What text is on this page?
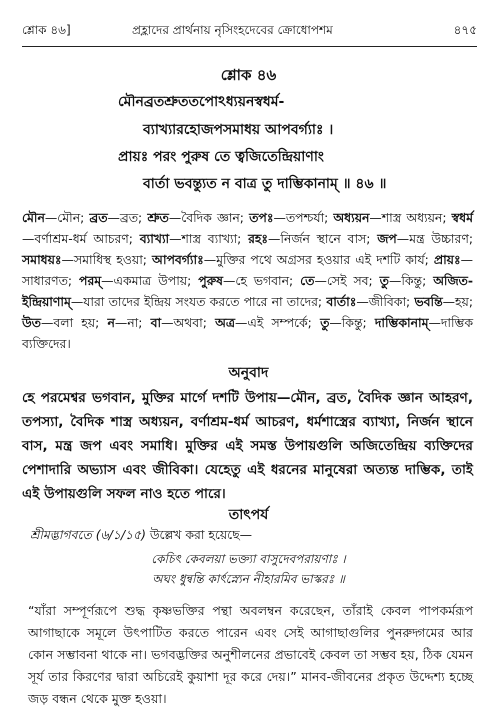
শ্লোক ৪৬]	প্রহ্লাদের প্রার্থনায় নৃসিংহদেবের ক্রোধোপশম	৪৭৫
শ্লোক ৪৬
মৌনব্রতশ্রুততপোঽধ্যয়নস্বধর্ম-
ব্যাখ্যারহোজপসমাধয় আপবর্গ্যাঃ ।
প্রায়ঃ পরং পুরুষ তে ত্বজিতেন্দ্রিয়াণাং
বার্তা ভবন্ত্যুত ন বাত্র তু দাম্ভিকানাম্ ॥ ৪৬ ॥
মৌন—মৌন; ব্রত—ব্রত; শ্রুত—বৈদিক জ্ঞান; তপঃ—তপশ্চর্যা; অধ্যয়ন—শাস্ত্র অধ্যয়ন; স্বধর্ম—বর্ণাশ্রম-ধর্ম আচরণ; ব্যাখ্যা—শাস্ত্র ব্যাখ্যা; রহঃ—নির্জন স্থানে বাস; জপ—মন্ত্র উচ্চারণ; সমাধয়ঃ—সমাধিস্থ হওয়া; আপবর্গ্যাঃ—মুক্তির পথে অগ্রসর হওয়ার এই দশটি কার্য; প্রায়ঃ—সাধারণত; পরম্—একমাত্র উপায়; পুরুষ—হে ভগবান; তে—সেই সব; তু—কিন্তু; অজিত-ইন্দ্রিয়াণাম্—যারা তাদের ইন্দ্রিয় সংযত করতে পারে না তাদের; বার্তাঃ—জীবিকা; ভবন্তি—হয়; উত—বলা হয়; ন—না; বা—অথবা; অত্র—এই সম্পর্কে; তু—কিন্তু; দাম্ভিকানাম্—দাম্ভিক ব্যক্তিদের।
অনুবাদ
হে পরমেশ্বর ভগবান, মুক্তির মার্গে দশটি উপায়—মৌন, ব্রত, বৈদিক জ্ঞান আহরণ, তপস্যা, বৈদিক শাস্ত্র অধ্যয়ন, বর্ণাশ্রম-ধর্ম আচরণ, ধর্মশাস্ত্রের ব্যাখ্যা, নির্জন স্থানে বাস, মন্ত্র জপ এবং সমাধি। মুক্তির এই সমস্ত উপায়গুলি অজিতেন্দ্রিয় ব্যক্তিদের পেশাদারি অভ্যাস এবং জীবিকা। যেহেতু এই ধরনের মানুষেরা অত্যন্ত দাম্ভিক, তাই এই উপায়গুলি সফল নাও হতে পারে।
তাৎপর্য
শ্রীমদ্ভাগবতে (৬/১/১৫) উল্লেখ করা হয়েছে—
কেচিৎ কেবলয়া ভক্ত্যা বাসুদেবপরায়ণাঃ ।
অঘং ধুন্বন্তি কার্ৎস্ন্যেন নীহারমিব ভাস্করঃ ॥
“যাঁরা সম্পূর্ণরূপে শুদ্ধ কৃষ্ণভক্তির পন্থা অবলম্বন করেছেন, তাঁরাই কেবল পাপকর্মরূপ আগাছাকে সমূলে উৎপাটিত করতে পারেন এবং সেই আগাছাগুলির পুনরুদ্গমের আর কোন সম্ভাবনা থাকে না। ভগবদ্ভক্তির অনুশীলনের প্রভাবেই কেবল তা সম্ভব হয়, ঠিক যেমন সূর্য তার কিরণের দ্বারা অচিরেই কুয়াশা দূর করে দেয়।” মানব-জীবনের প্রকৃত উদ্দেশ্য হচ্ছে জড় বন্ধন থেকে মুক্ত হওয়া।
